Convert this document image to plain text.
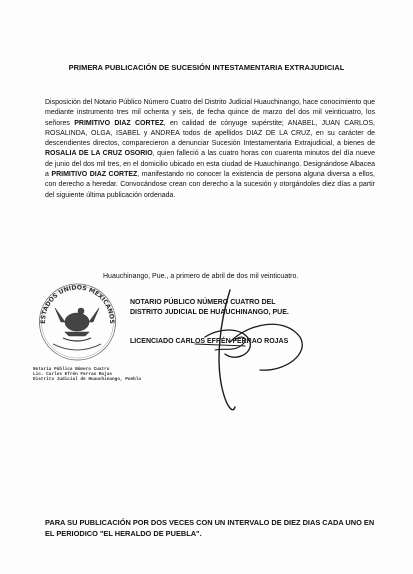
PRIMERA PUBLICACIÓN DE SUCESIÓN INTESTAMENTARIA EXTRAJUDICIAL

Disposición del Notario Público Número Cuatro del Distrito Judicial Huauchinango, hace conocimiento que mediante instrumento tres mil ochenta y seis, de fecha quince de marzo del dos mil veinticuatro, los señores PRIMITIVO DIAZ CORTEZ, en calidad de cónyuge supérstite; ANABEL, JUAN CARLOS, ROSALINDA, OLGA, ISABEL y ANDREA todos de apellidos DIAZ DE LA CRUZ, en su carácter de descendientes directos, comparecieron a denunciar Sucesión Intestamentaria Extrajudicial, a bienes de ROSALIA DE LA CRUZ OSORIO, quien falleció a las cuatro horas con cuarenta minutos del día nueve de junio del dos mil tres, en el domicilio ubicado en esta ciudad de Huauchinango. Designándose Albacea a PRIMITIVO DIAZ CORTEZ, manifestando no conocer la existencia de persona alguna diversa a ellos, con derecho a heredar. Convocándose crean con derecho a la sucesión y otorgándoles diez días a partir del siguiente última publicación ordenada.

Huauchinango, Pue., a primero de abril de dos mil veinticuatro.

NOTARIO PÚBLICO NÚMERO CUATRO DEL
DISTRITO JUDICIAL DE HUAUCHINANGO, PUE.
ESTADOS UNIDOS MEXICANOS
Notaría Pública Número Cuatro
Lic. Carlos Efrén Ferrao Rojas
Distrito Judicial de Huauchinango, Puebla

LICENCIADO CARLOS EFRÉN FERRAO ROJAS

PARA SU PUBLICACIÓN POR DOS VECES CON UN INTERVALO DE DIEZ DIAS CADA UNO EN EL PERIODICO "EL HERALDO DE PUEBLA".
